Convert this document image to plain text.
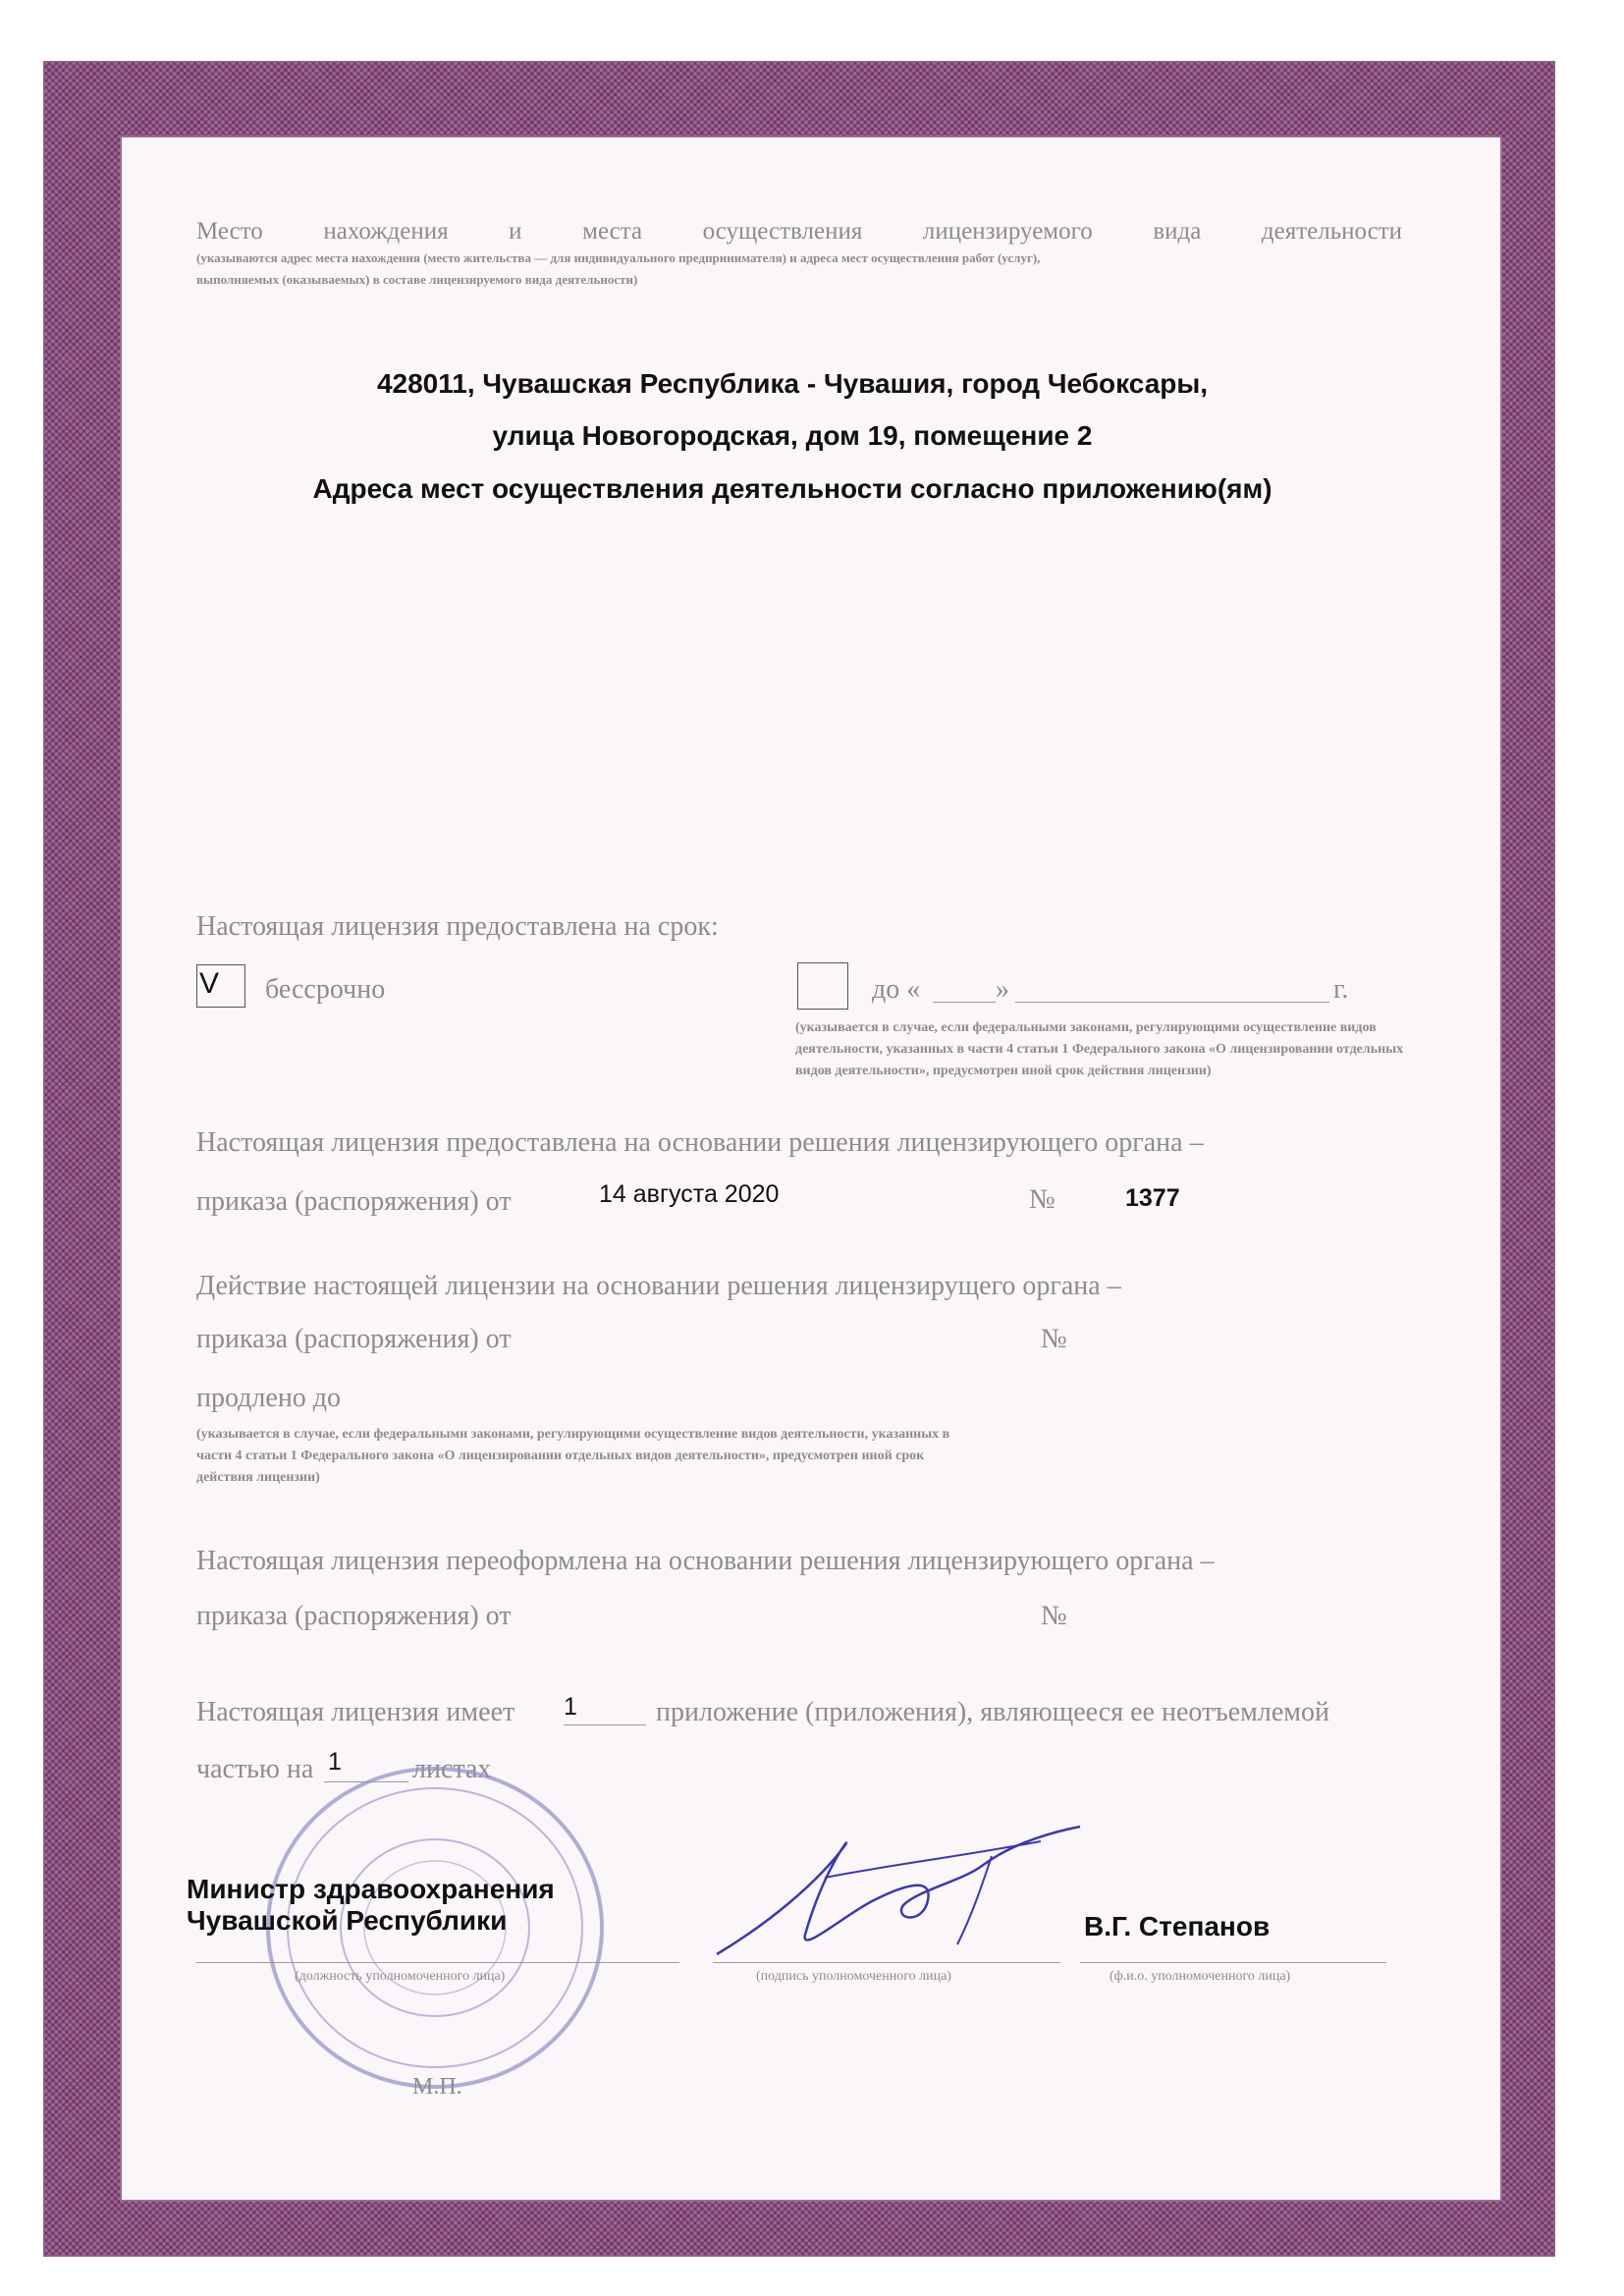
Место нахождения и места осуществления лицензируемого вида деятельности
(указываются адрес места нахождения (место жительства — для индивидуального предпринимателя) и адреса мест осуществления работ (услуг),
выполняемых (оказываемых) в составе лицензируемого вида деятельности)
428011, Чувашская Республика - Чувашия, город Чебоксары,
улица Новогородская, дом 19, помещение 2
Адреса мест осуществления деятельности согласно приложению(ям)
Настоящая лицензия предоставлена на срок:
V бессрочно	до «	»	г.
(указывается в случае, если федеральными законами, регулирующими осуществление видов деятельности, указанных в части 4 статьи 1 Федерального закона «О лицензировании отдельных видов деятельности», предусмотрен иной срок действия лицензии)
Настоящая лицензия предоставлена на основании решения лицензирующего органа –
приказа (распоряжения) от	14 августа 2020	№	1377
Действие настоящей лицензии на основании решения лицензирущего органа –
приказа (распоряжения) от	№
продлено до
(указывается в случае, если федеральными законами, регулирующими осуществление видов деятельности, указанных в части 4 статьи 1 Федерального закона «О лицензировании отдельных видов деятельности», предусмотрен иной срок действия лицензии)
Настоящая лицензия переоформлена на основании решения лицензирующего органа –
приказа (распоряжения) от	№
Настоящая лицензия имеет 1	приложение (приложения), являющееся ее неотъемлемой
частью на 1	листах
Министр здравоохранения
Чувашской Республики
(должность уполномоченного лица)	(подпись уполномоченного лица)
В.Г. Степанов
(ф.и.о. уполномоченного лица)
М.П.
